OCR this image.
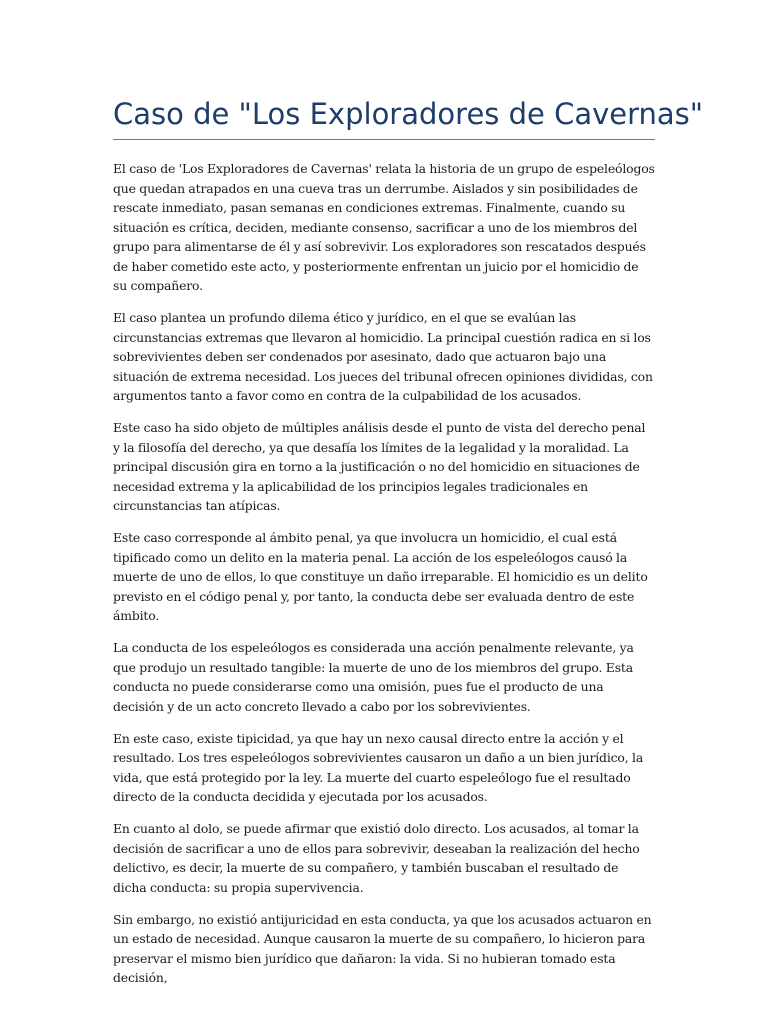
Caso de "Los Exploradores de Cavernas"

El caso de 'Los Exploradores de Cavernas' relata la historia de un grupo de espeleólogos que quedan atrapados en una cueva tras un derrumbe. Aislados y sin posibilidades de rescate inmediato, pasan semanas en condiciones extremas. Finalmente, cuando su situación es crítica, deciden, mediante consenso, sacrificar a uno de los miembros del grupo para alimentarse de él y así sobrevivir. Los exploradores son rescatados después de haber cometido este acto, y posteriormente enfrentan un juicio por el homicidio de su compañero.

El caso plantea un profundo dilema ético y jurídico, en el que se evalúan las circunstancias extremas que llevaron al homicidio. La principal cuestión radica en si los sobrevivientes deben ser condenados por asesinato, dado que actuaron bajo una situación de extrema necesidad. Los jueces del tribunal ofrecen opiniones divididas, con argumentos tanto a favor como en contra de la culpabilidad de los acusados.

Este caso ha sido objeto de múltiples análisis desde el punto de vista del derecho penal y la filosofía del derecho, ya que desafía los límites de la legalidad y la moralidad. La principal discusión gira en torno a la justificación o no del homicidio en situaciones de necesidad extrema y la aplicabilidad de los principios legales tradicionales en circunstancias tan atípicas.

Este caso corresponde al ámbito penal, ya que involucra un homicidio, el cual está tipificado como un delito en la materia penal. La acción de los espeleólogos causó la muerte de uno de ellos, lo que constituye un daño irreparable. El homicidio es un delito previsto en el código penal y, por tanto, la conducta debe ser evaluada dentro de este ámbito.

La conducta de los espeleólogos es considerada una acción penalmente relevante, ya que produjo un resultado tangible: la muerte de uno de los miembros del grupo. Esta conducta no puede considerarse como una omisión, pues fue el producto de una decisión y de un acto concreto llevado a cabo por los sobrevivientes.

En este caso, existe tipicidad, ya que hay un nexo causal directo entre la acción y el resultado. Los tres espeleólogos sobrevivientes causaron un daño a un bien jurídico, la vida, que está protegido por la ley. La muerte del cuarto espeleólogo fue el resultado directo de la conducta decidida y ejecutada por los acusados.

En cuanto al dolo, se puede afirmar que existió dolo directo. Los acusados, al tomar la decisión de sacrificar a uno de ellos para sobrevivir, deseaban la realización del hecho delictivo, es decir, la muerte de su compañero, y también buscaban el resultado de dicha conducta: su propia supervivencia.

Sin embargo, no existió antijuricidad en esta conducta, ya que los acusados actuaron en un estado de necesidad. Aunque causaron la muerte de su compañero, lo hicieron para preservar el mismo bien jurídico que dañaron: la vida. Si no hubieran tomado esta decisión,
